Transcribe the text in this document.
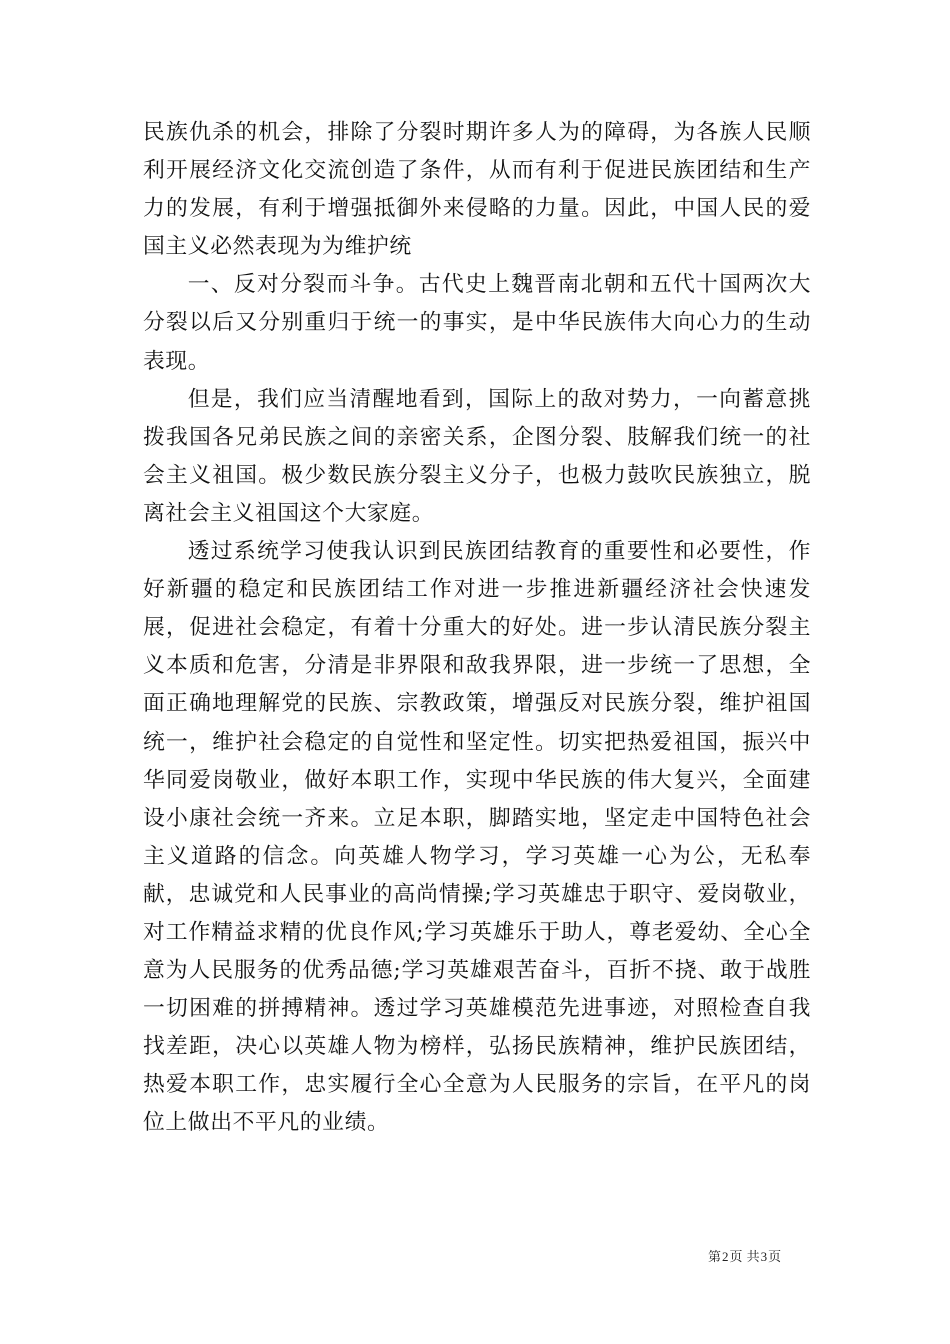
民族仇杀的机会，排除了分裂时期许多人为的障碍，为各族人民顺利开展经济文化交流创造了条件，从而有利于促进民族团结和生产力的发展，有利于增强抵御外来侵略的力量。因此，中国人民的爱国主义必然表现为为维护统

一、反对分裂而斗争。古代史上魏晋南北朝和五代十国两次大分裂以后又分别重归于统一的事实，是中华民族伟大向心力的生动表现。

但是，我们应当清醒地看到，国际上的敌对势力，一向蓄意挑拨我国各兄弟民族之间的亲密关系，企图分裂、肢解我们统一的社会主义祖国。极少数民族分裂主义分子，也极力鼓吹民族独立，脱离社会主义祖国这个大家庭。

透过系统学习使我认识到民族团结教育的重要性和必要性，作好新疆的稳定和民族团结工作对进一步推进新疆经济社会快速发展，促进社会稳定，有着十分重大的好处。进一步认清民族分裂主义本质和危害，分清是非界限和敌我界限，进一步统一了思想，全面正确地理解党的民族、宗教政策，增强反对民族分裂，维护祖国统一，维护社会稳定的自觉性和坚定性。切实把热爱祖国，振兴中华同爱岗敬业，做好本职工作，实现中华民族的伟大复兴，全面建设小康社会统一齐来。立足本职，脚踏实地，坚定走中国特色社会主义道路的信念。向英雄人物学习，学习英雄一心为公，无私奉献，忠诚党和人民事业的高尚情操;学习英雄忠于职守、爱岗敬业，对工作精益求精的优良作风;学习英雄乐于助人，尊老爱幼、全心全意为人民服务的优秀品德;学习英雄艰苦奋斗，百折不挠、敢于战胜一切困难的拼搏精神。透过学习英雄模范先进事迹，对照检查自我找差距，决心以英雄人物为榜样，弘扬民族精神，维护民族团结，热爱本职工作，忠实履行全心全意为人民服务的宗旨，在平凡的岗位上做出不平凡的业绩。

第2页 共3页
